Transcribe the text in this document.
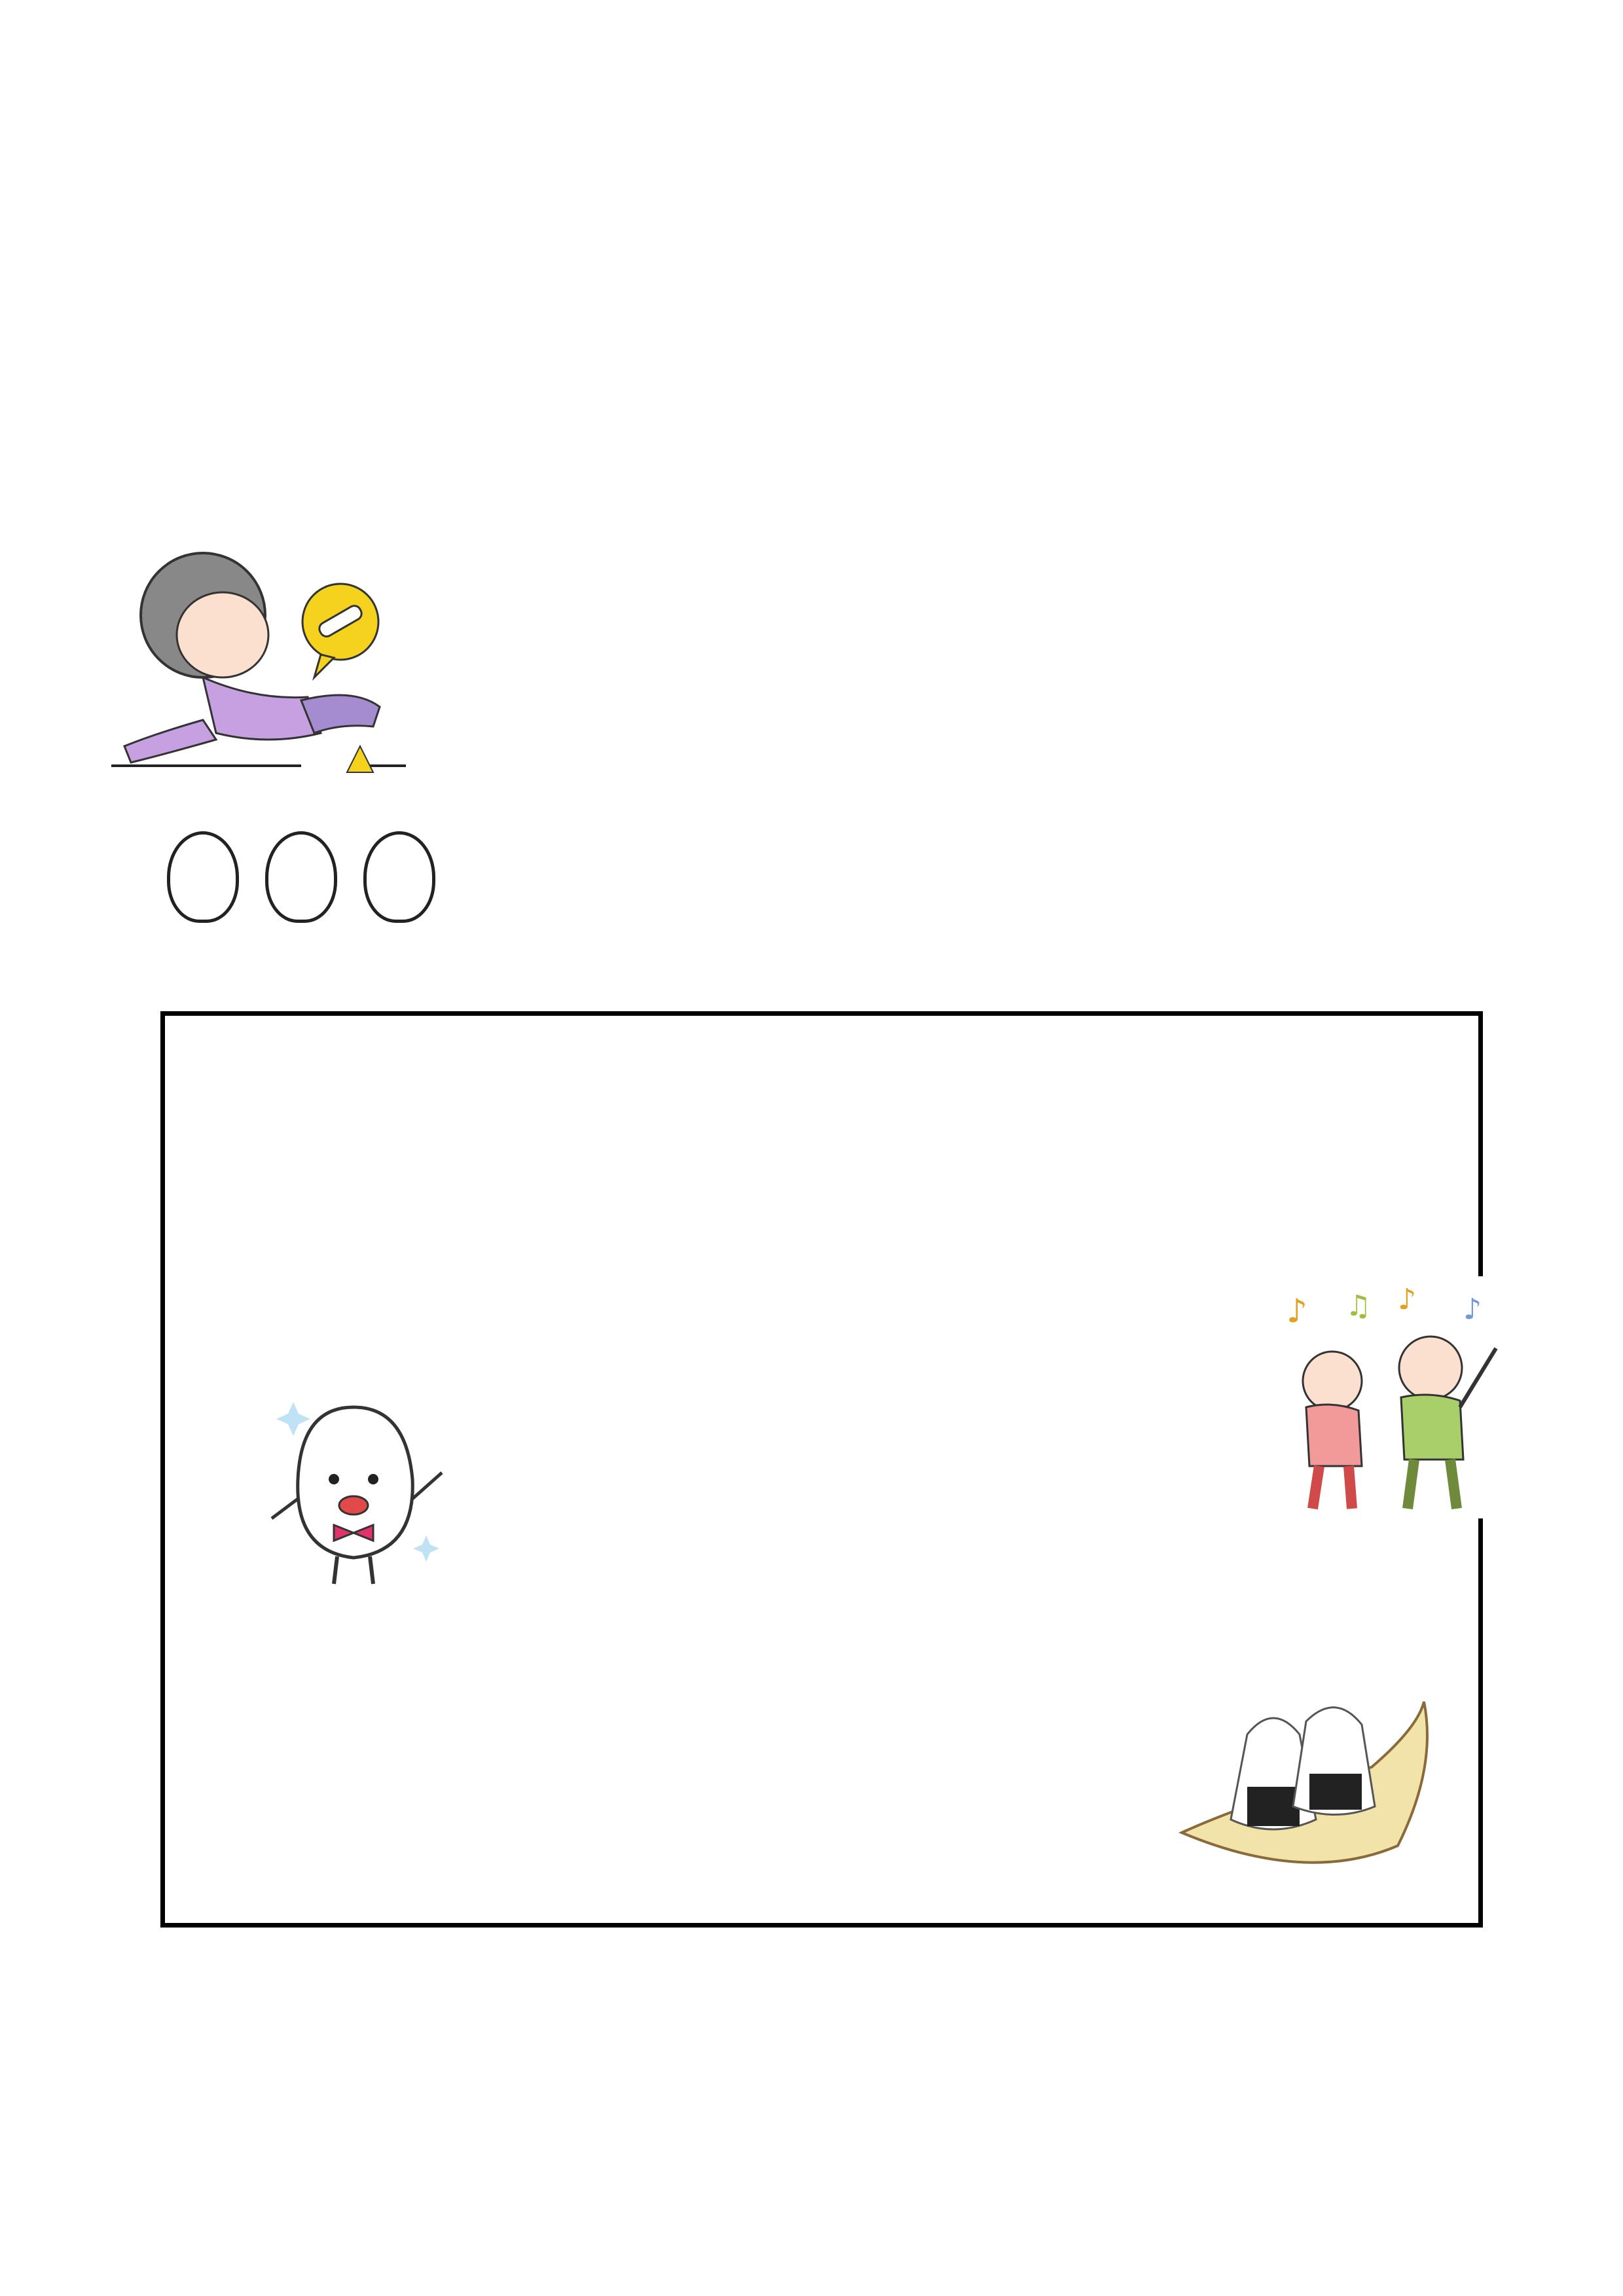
♪ ♫ ♪ ♪
